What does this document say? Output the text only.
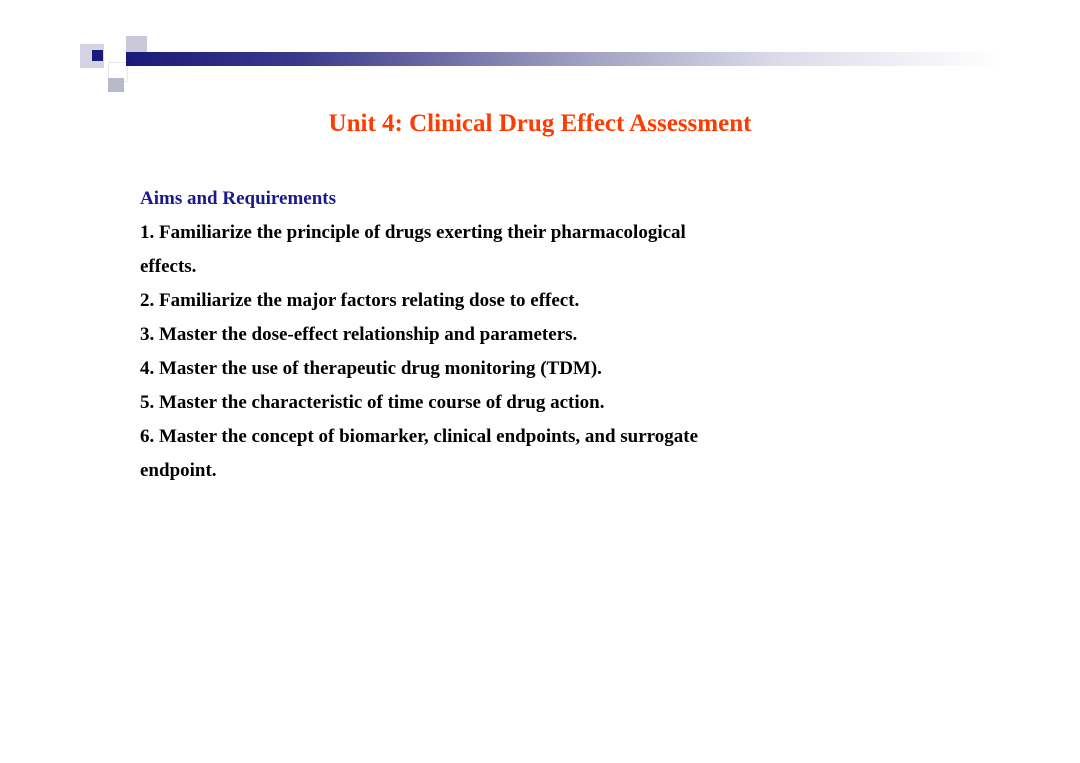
Unit 4: Clinical Drug Effect Assessment
Aims and Requirements
1. Familiarize the principle of drugs exerting their pharmacological
effects.
2. Familiarize the major factors relating dose to effect.
3. Master the dose-effect relationship and parameters.
4. Master the use of therapeutic drug monitoring (TDM).
5. Master the characteristic of time course of drug action.
6. Master the concept of biomarker, clinical endpoints, and surrogate
endpoint.
